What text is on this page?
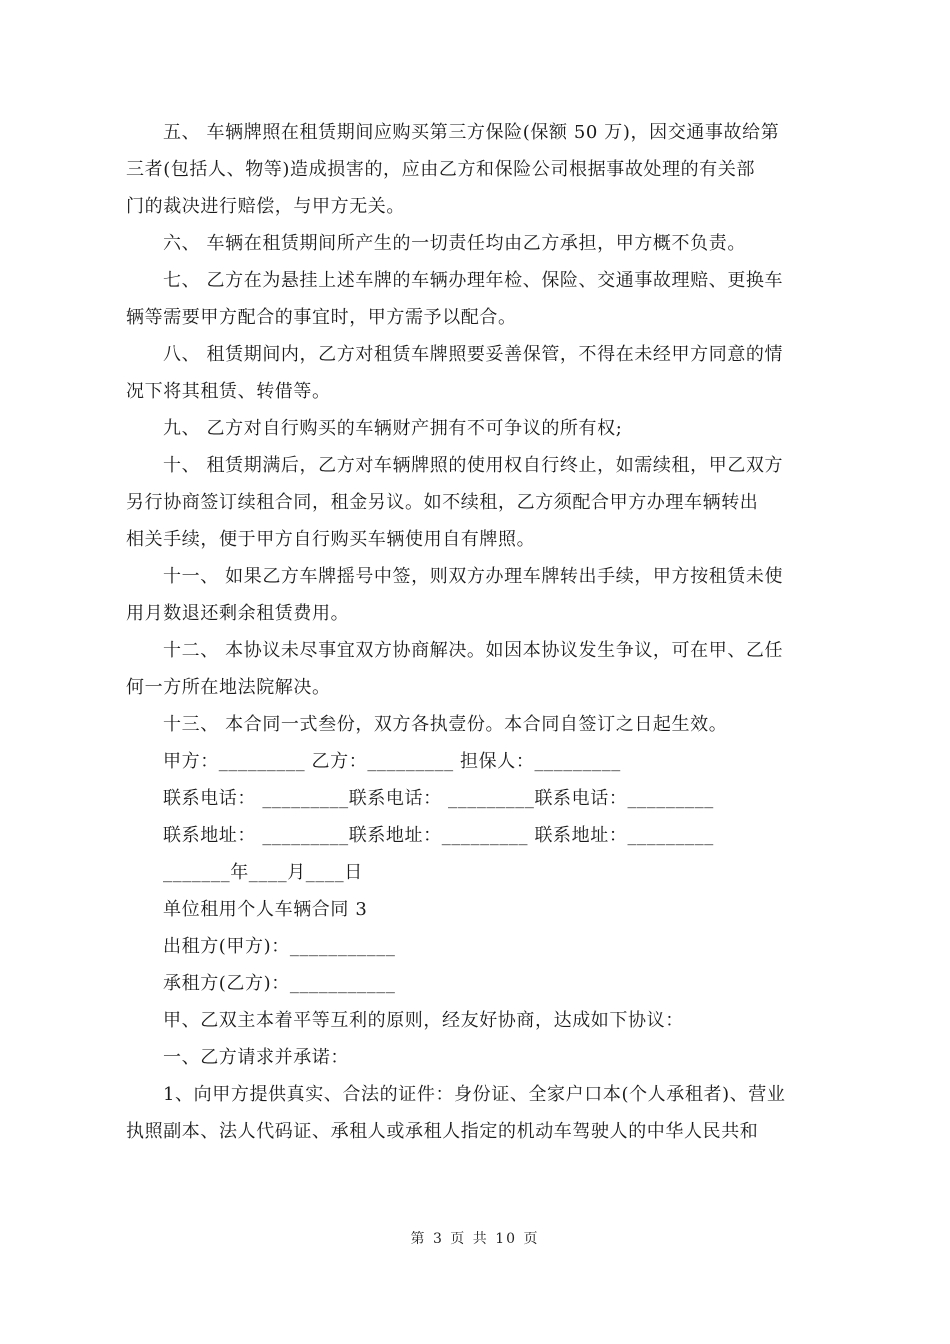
五、 车辆牌照在租赁期间应购买第三方保险(保额 50 万)，因交通事故给第

三者(包括人、物等)造成损害的，应由乙方和保险公司根据事故处理的有关部

门的裁决进行赔偿，与甲方无关。

六、 车辆在租赁期间所产生的一切责任均由乙方承担，甲方概不负责。

七、 乙方在为悬挂上述车牌的车辆办理年检、保险、交通事故理赔、更换车

辆等需要甲方配合的事宜时，甲方需予以配合。

八、 租赁期间内，乙方对租赁车牌照要妥善保管，不得在未经甲方同意的情

况下将其租赁、转借等。

九、 乙方对自行购买的车辆财产拥有不可争议的所有权;

十、 租赁期满后，乙方对车辆牌照的使用权自行终止，如需续租，甲乙双方

另行协商签订续租合同，租金另议。如不续租，乙方须配合甲方办理车辆转出

相关手续，便于甲方自行购买车辆使用自有牌照。

十一、 如果乙方车牌摇号中签，则双方办理车牌转出手续，甲方按租赁未使

用月数退还剩余租赁费用。

十二、 本协议未尽事宜双方协商解决。如因本协议发生争议，可在甲、乙任

何一方所在地法院解决。

十三、 本合同一式叁份，双方各执壹份。本合同自签订之日起生效。

甲方：_________ 乙方：_________ 担保人：_________

联系电话： _________联系电话： _________联系电话：_________

联系地址： _________联系地址：_________ 联系地址：_________

_______年____月____日

单位租用个人车辆合同 3

出租方(甲方)：___________

承租方(乙方)：___________

甲、乙双主本着平等互利的原则，经友好协商，达成如下协议：

一、乙方请求并承诺：

1、向甲方提供真实、合法的证件：身份证、全家户口本(个人承租者)、营业

执照副本、法人代码证、承租人或承租人指定的机动车驾驶人的中华人民共和

第 3 页 共 10 页
